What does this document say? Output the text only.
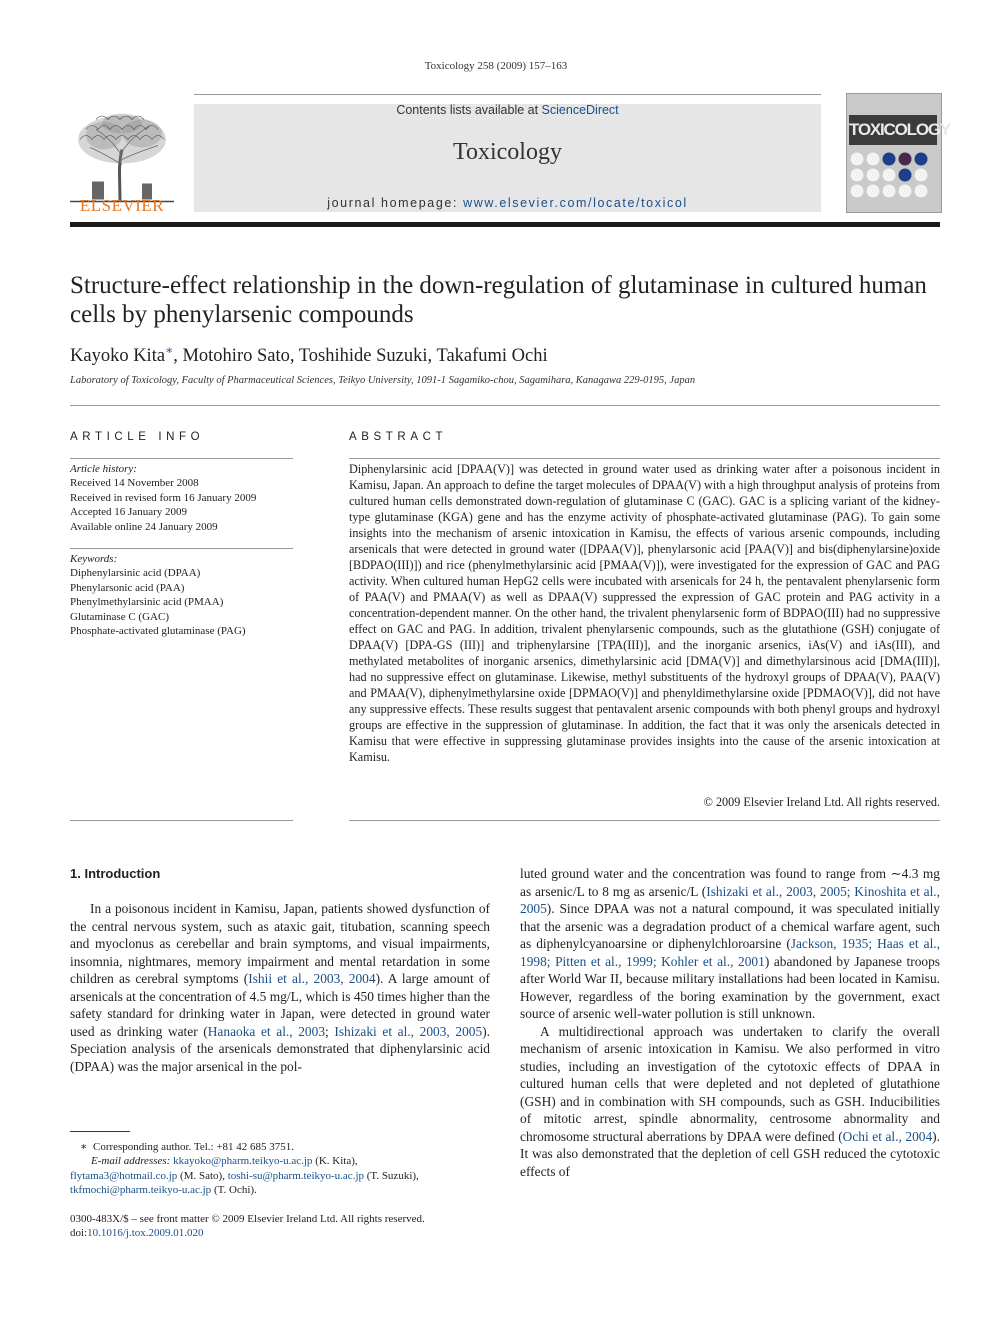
Toxicology 258 (2009) 157–163
ELSEVIER
Contents lists available at ScienceDirect
Toxicology
journal homepage: www.elsevier.com/locate/toxicol
TOXICOLOGY
Structure-effect relationship in the down-regulation of glutaminase in cultured human cells by phenylarsenic compounds
Kayoko Kita∗, Motohiro Sato, Toshihide Suzuki, Takafumi Ochi
Laboratory of Toxicology, Faculty of Pharmaceutical Sciences, Teikyo University, 1091-1 Sagamiko-chou, Sagamihara, Kanagawa 229-0195, Japan
ARTICLE INFO
Article history:
Received 14 November 2008
Received in revised form 16 January 2009
Accepted 16 January 2009
Available online 24 January 2009
Keywords:
Diphenylarsinic acid (DPAA)
Phenylarsonic acid (PAA)
Phenylmethylarsinic acid (PMAA)
Glutaminase C (GAC)
Phosphate-activated glutaminase (PAG)
ABSTRACT
Diphenylarsinic acid [DPAA(V)] was detected in ground water used as drinking water after a poisonous incident in Kamisu, Japan. An approach to define the target molecules of DPAA(V) with a high throughput analysis of proteins from cultured human cells demonstrated down-regulation of glutaminase C (GAC). GAC is a splicing variant of the kidney-type glutaminase (KGA) gene and has the enzyme activity of phosphate-activated glutaminase (PAG). To gain some insights into the mechanism of arsenic intoxication in Kamisu, the effects of various arsenic compounds, including arsenicals that were detected in ground water ([DPAA(V)], phenylarsonic acid [PAA(V)] and bis(diphenylarsine)oxide [BDPAO(III)]) and rice (phenylmethylarsinic acid [PMAA(V)]), were investigated for the expression of GAC and PAG activity. When cultured human HepG2 cells were incubated with arsenicals for 24 h, the pentavalent phenylarsenic form of PAA(V) and PMAA(V) as well as DPAA(V) suppressed the expression of GAC protein and PAG activity in a concentration-dependent manner. On the other hand, the trivalent phenylarsenic form of BDPAO(III) had no suppressive effect on GAC and PAG. In addition, trivalent phenylarsenic compounds, such as the glutathione (GSH) conjugate of DPAA(V) [DPA-GS (III)] and triphenylarsine [TPA(III)], and the inorganic arsenics, iAs(V) and iAs(III), and methylated metabolites of inorganic arsenics, dimethylarsinic acid [DMA(V)] and dimethylarsinous acid [DMA(III)], had no suppressive effect on glutaminase. Likewise, methyl substituents of the hydroxyl groups of DPAA(V), PAA(V) and PMAA(V), diphenylmethylarsine oxide [DPMAO(V)] and phenyldimethylarsine oxide [PDMAO(V)], did not have any suppressive effects. These results suggest that pentavalent arsenic compounds with both phenyl groups and hydroxyl groups are effective in the suppression of glutaminase. In addition, the fact that it was only the arsenicals detected in Kamisu that were effective in suppressing glutaminase provides insights into the cause of the arsenic intoxication at Kamisu.
© 2009 Elsevier Ireland Ltd. All rights reserved.
1. Introduction

In a poisonous incident in Kamisu, Japan, patients showed dysfunction of the central nervous system, such as ataxic gait, titubation, scanning speech and myoclonus as cerebellar and brain symptoms, and visual impairments, insomnia, nightmares, memory impairment and mental retardation in some children as cerebral symptoms (Ishii et al., 2003, 2004). A large amount of arsenicals at the concentration of 4.5 mg/L, which is 450 times higher than the safety standard for drinking water in Japan, were detected in ground water used as drinking water (Hanaoka et al., 2003; Ishizaki et al., 2003, 2005). Speciation analysis of the arsenicals demonstrated that diphenylarsinic acid (DPAA) was the major arsenical in the pol-

luted ground water and the concentration was found to range from ∼4.3 mg as arsenic/L to 8 mg as arsenic/L (Ishizaki et al., 2003, 2005; Kinoshita et al., 2005). Since DPAA was not a natural compound, it was speculated initially that the arsenic was a degradation product of a chemical warfare agent, such as diphenylcyanoarsine or diphenylchloroarsine (Jackson, 1935; Haas et al., 1998; Pitten et al., 1999; Kohler et al., 2001) abandoned by Japanese troops after World War II, because military installations had been located in Kamisu. However, regardless of the boring examination by the government, exact source of arsenic well-water pollution is still unknown.

A multidirectional approach was undertaken to clarify the overall mechanism of arsenic intoxication in Kamisu. We also performed in vitro studies, including an investigation of the cytotoxic effects of DPAA in cultured human cells that were depleted and not depleted of glutathione (GSH) and in combination with SH compounds, such as GSH. Inducibilities of mitotic arrest, spindle abnormality, centrosome abnormality and chromosome structural aberrations by DPAA were defined (Ochi et al., 2004). It was also demonstrated that the depletion of cell GSH reduced the cytotoxic effects of

∗ Corresponding author. Tel.: +81 42 685 3751.
E-mail addresses: kkayoko@pharm.teikyo-u.ac.jp (K. Kita),
flytama3@hotmail.co.jp (M. Sato), toshi-su@pharm.teikyo-u.ac.jp (T. Suzuki),
tkfmochi@pharm.teikyo-u.ac.jp (T. Ochi).
0300-483X/$ – see front matter © 2009 Elsevier Ireland Ltd. All rights reserved.
doi:10.1016/j.tox.2009.01.020
